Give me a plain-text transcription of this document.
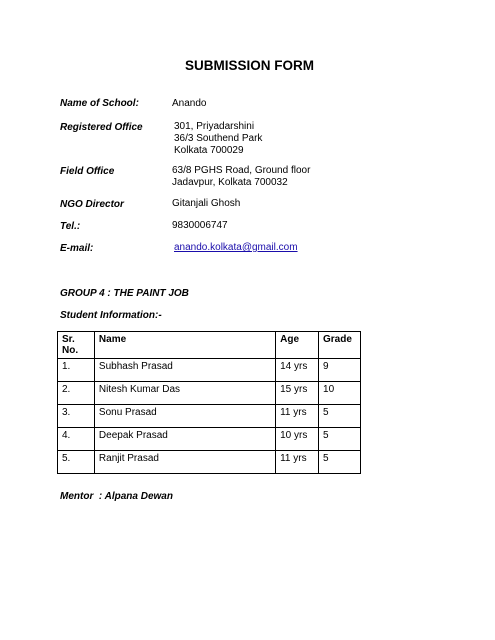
SUBMISSION FORM
Name of School:	Anando
Registered Office	301, Priyadarshini
36/3 Southend Park
Kolkata 700029
Field Office	63/8 PGHS Road, Ground floor
Jadavpur, Kolkata 700032
NGO Director	Gitanjali Ghosh
Tel.:	9830006747
E-mail:	anando.kolkata@gmail.com
GROUP 4 : THE PAINT JOB
Student Information:-
Sr. No.	Name	Age	Grade
1.	Subhash Prasad	14 yrs	9
2.	Nitesh Kumar Das	15 yrs	10
3.	Sonu Prasad	11 yrs	5
4.	Deepak Prasad	10 yrs	5
5.	Ranjit Prasad	11 yrs	5
Mentor  : Alpana Dewan
